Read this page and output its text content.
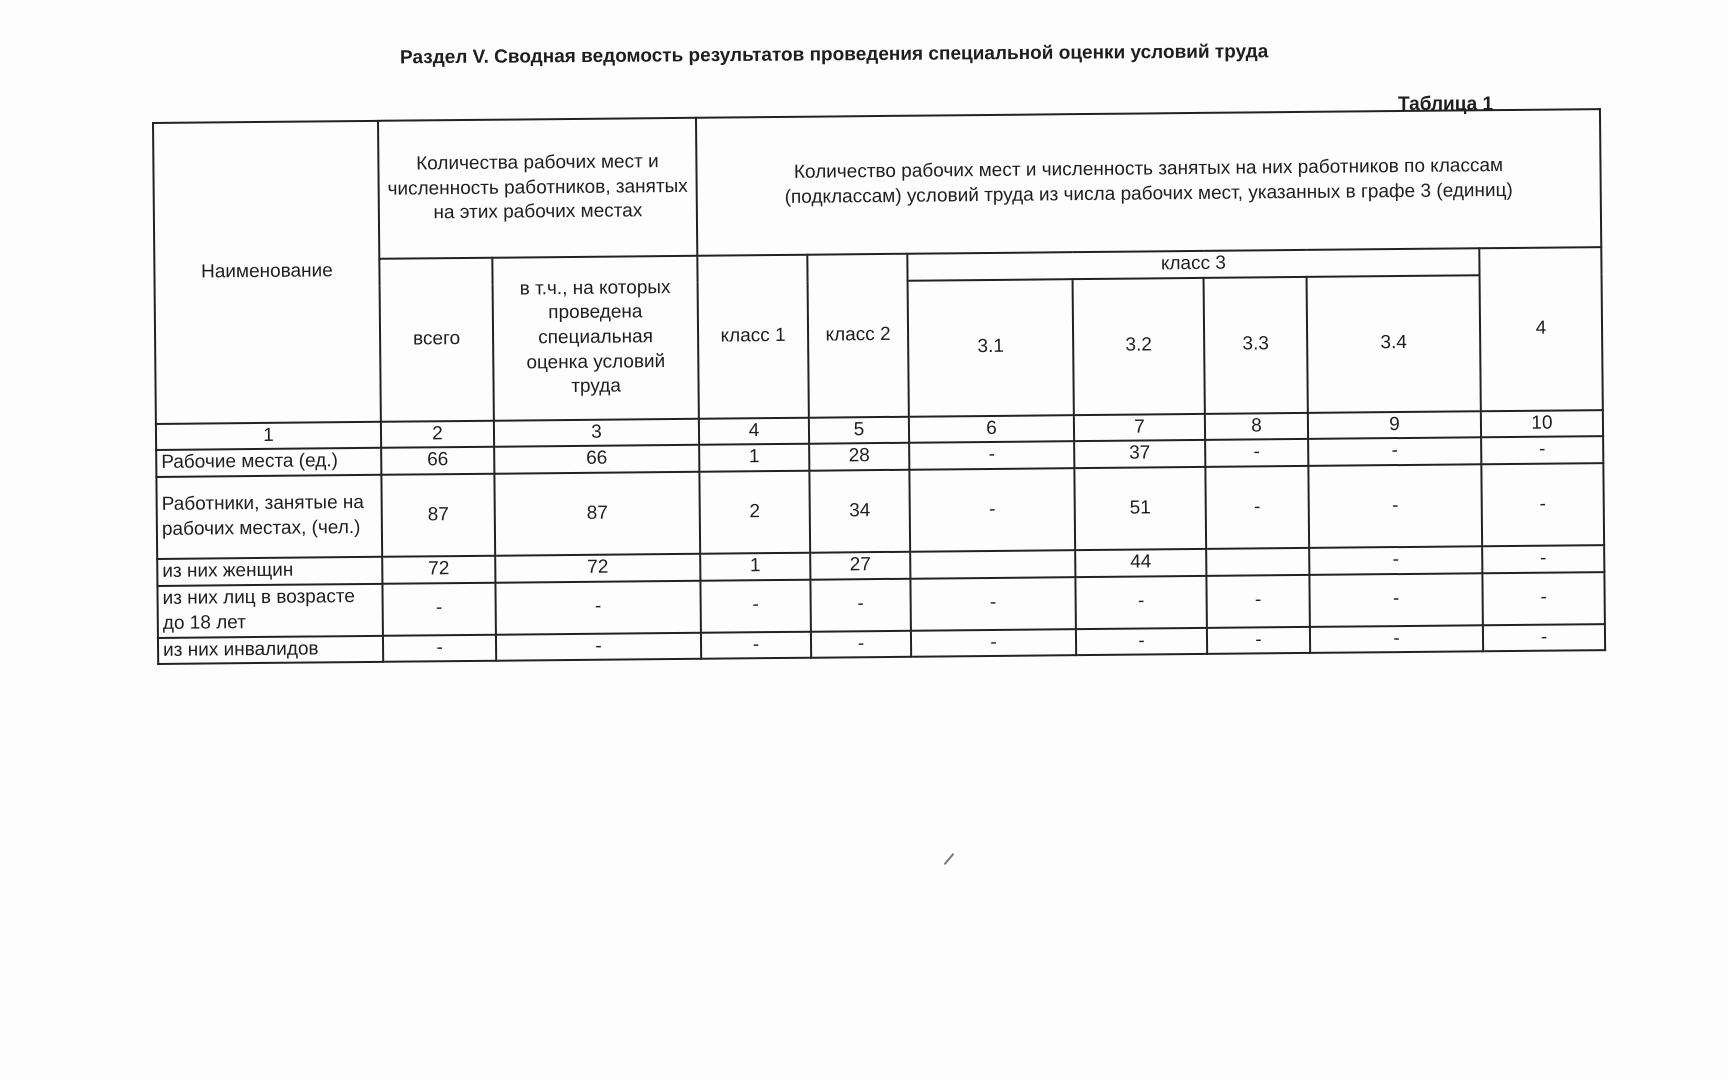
Раздел V. Сводная ведомость результатов проведения специальной оценки условий труда
Таблица 1
Наименование	Количества рабочих мест и численность работников, занятых на этих рабочих местах		Количество рабочих мест и численность занятых на них работников по классам (подклассам) условий труда из числа рабочих мест, указанных в графе 3 (единиц)						
	всего	в т.ч., на которых проведена специальная оценка условий труда	класс 1	класс 2	класс 3				4
					3.1	3.2	3.3	3.4	
1	2	3	4	5	6	7	8	9	10
Рабочие места (ед.)	66	66	1	28	-	37	-	-	-
Работники, занятые на рабочих местах, (чел.)	87	87	2	34	-	51	-	-	-
из них женщин	72	72	1	27		44		-	-
из них лиц в возрасте до 18 лет	-	-	-	-	-	-	-	-	-
из них инвалидов	-	-	-	-	-	-	-	-	-
